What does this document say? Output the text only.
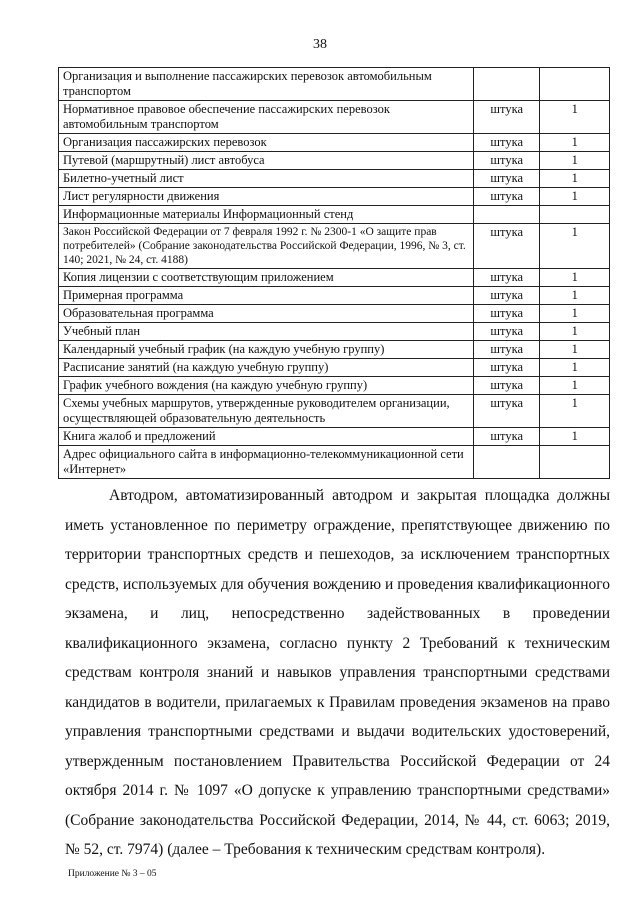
38
Организация и выполнение пассажирских перевозок автомобильным транспортом		
Нормативное правовое обеспечение пассажирских перевозок автомобильным транспортом	штука	1
Организация пассажирских перевозок	штука	1
Путевой (маршрутный) лист автобуса	штука	1
Билетно-учетный лист	штука	1
Лист регулярности движения	штука	1
Информационные материалы Информационный стенд		
Закон Российской Федерации от 7 февраля 1992 г. № 2300-1 «О защите прав потребителей» (Собрание законодательства Российской Федерации, 1996, № 3, ст. 140; 2021, № 24, ст. 4188)	штука	1
Копия лицензии с соответствующим приложением	штука	1
Примерная программа	штука	1
Образовательная программа	штука	1
Учебный план	штука	1
Календарный учебный график (на каждую учебную группу)	штука	1
Расписание занятий (на каждую учебную группу)	штука	1
График учебного вождения (на каждую учебную группу)	штука	1
Схемы учебных маршрутов, утвержденные руководителем организации, осуществляющей образовательную деятельность	штука	1
Книга жалоб и предложений	штука	1
Адрес официального сайта в информационно-телекоммуникационной сети «Интернет»		

Автодром, автоматизированный автодром и закрытая площадка должны иметь установленное по периметру ограждение, препятствующее движению по территории транспортных средств и пешеходов, за исключением транспортных средств, используемых для обучения вождению и проведения квалификационного экзамена, и лиц, непосредственно задействованных в проведении квалификационного экзамена, согласно пункту 2 Требований к техническим средствам контроля знаний и навыков управления транспортными средствами кандидатов в водители, прилагаемых к Правилам проведения экзаменов на право управления транспортными средствами и выдачи водительских удостоверений, утвержденным постановлением Правительства Российской Федерации от 24 октября 2014 г. № 1097 «О допуске к управлению транспортными средствами» (Собрание законодательства Российской Федерации, 2014, № 44, ст. 6063; 2019, № 52, ст. 7974) (далее – Требования к техническим средствам контроля).

Приложение № 3 – 05
